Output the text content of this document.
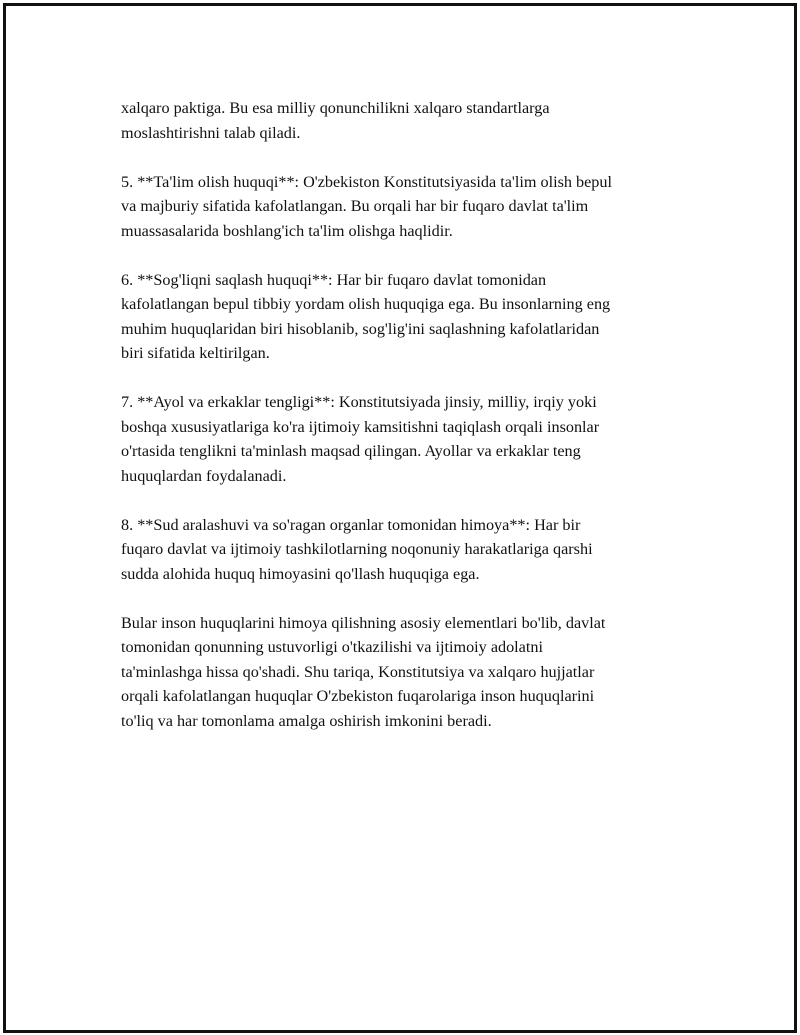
xalqaro paktiga. Bu esa milliy qonunchilikni xalqaro standartlarga
moslashtirishni talab qiladi.

5. **Ta'lim olish huquqi**: O'zbekiston Konstitutsiyasida ta'lim olish bepul
va majburiy sifatida kafolatlangan. Bu orqali har bir fuqaro davlat ta'lim
muassasalarida boshlang'ich ta'lim olishga haqlidir.

6. **Sog'liqni saqlash huquqi**: Har bir fuqaro davlat tomonidan
kafolatlangan bepul tibbiy yordam olish huquqiga ega. Bu insonlarning eng
muhim huquqlaridan biri hisoblanib, sog'lig'ini saqlashning kafolatlaridan
biri sifatida keltirilgan.

7. **Ayol va erkaklar tengligi**: Konstitutsiyada jinsiy, milliy, irqiy yoki
boshqa xususiyatlariga ko'ra ijtimoiy kamsitishni taqiqlash orqali insonlar
o'rtasida tenglikni ta'minlash maqsad qilingan. Ayollar va erkaklar teng
huquqlardan foydalanadi.

8. **Sud aralashuvi va so'ragan organlar tomonidan himoya**: Har bir
fuqaro davlat va ijtimoiy tashkilotlarning noqonuniy harakatlariga qarshi
sudda alohida huquq himoyasini qo'llash huquqiga ega.

Bular inson huquqlarini himoya qilishning asosiy elementlari bo'lib, davlat
tomonidan qonunning ustuvorligi o'tkazilishi va ijtimoiy adolatni
ta'minlashga hissa qo'shadi. Shu tariqa, Konstitutsiya va xalqaro hujjatlar
orqali kafolatlangan huquqlar O'zbekiston fuqarolariga inson huquqlarini
to'liq va har tomonlama amalga oshirish imkonini beradi.
